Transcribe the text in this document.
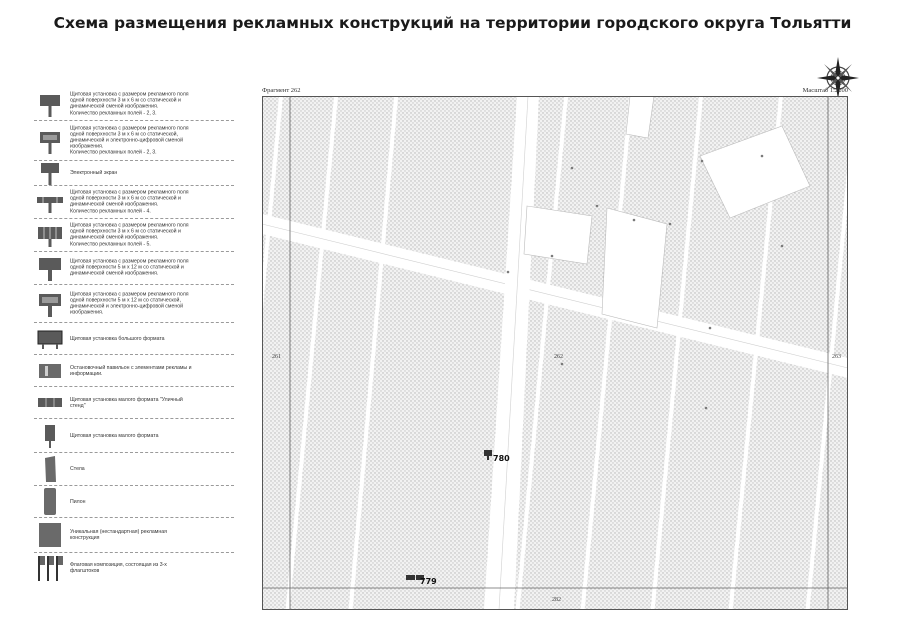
Схема размещения рекламных конструкций на территории городского округа Тольятти
Щитовая установка с размером рекламного поля
одной поверхности 3 м х 6 м со статической и
динамической сменой изображения.
Количество рекламных полей - 2, 3.
Щитовая установка с размером рекламного поля
одной поверхности 3 м х 6 м со статической,
динамической и электронно-цифровой сменой
изображения.
Количество рекламных полей - 2, 3.
Электронный экран
Щитовая установка с размером рекламного поля
одной поверхности 3 м х 6 м со статической и
динамической сменой изображения.
Количество рекламных полей - 4.
Щитовая установка с размером рекламного поля
одной поверхности 3 м х 6 м со статической и
динамической сменой изображения.
Количество рекламных полей - 5.
Щитовая установка с размером рекламного поля
одной поверхности 5 м х 12 м со статической и
динамической сменой изображения.
Щитовая установка с размером рекламного поля
одной поверхности 5 м х 12 м со статической,
динамической и электронно-цифровой сменой
изображения.
Щитовая установка большого формата
Остановочный павильон с элементами рекламы и
информации.
Щитовая установка малого формата "Уличный
стенд"
Щитовая установка малого формата
Стела
Пилон
Уникальная (нестандартная) рекламная
конструкция
Флаговая композиция, состоящая из 3-х
флагштоков
Фрагмент 262	Масштаб 1:2200
261	263
282
262
780
779
